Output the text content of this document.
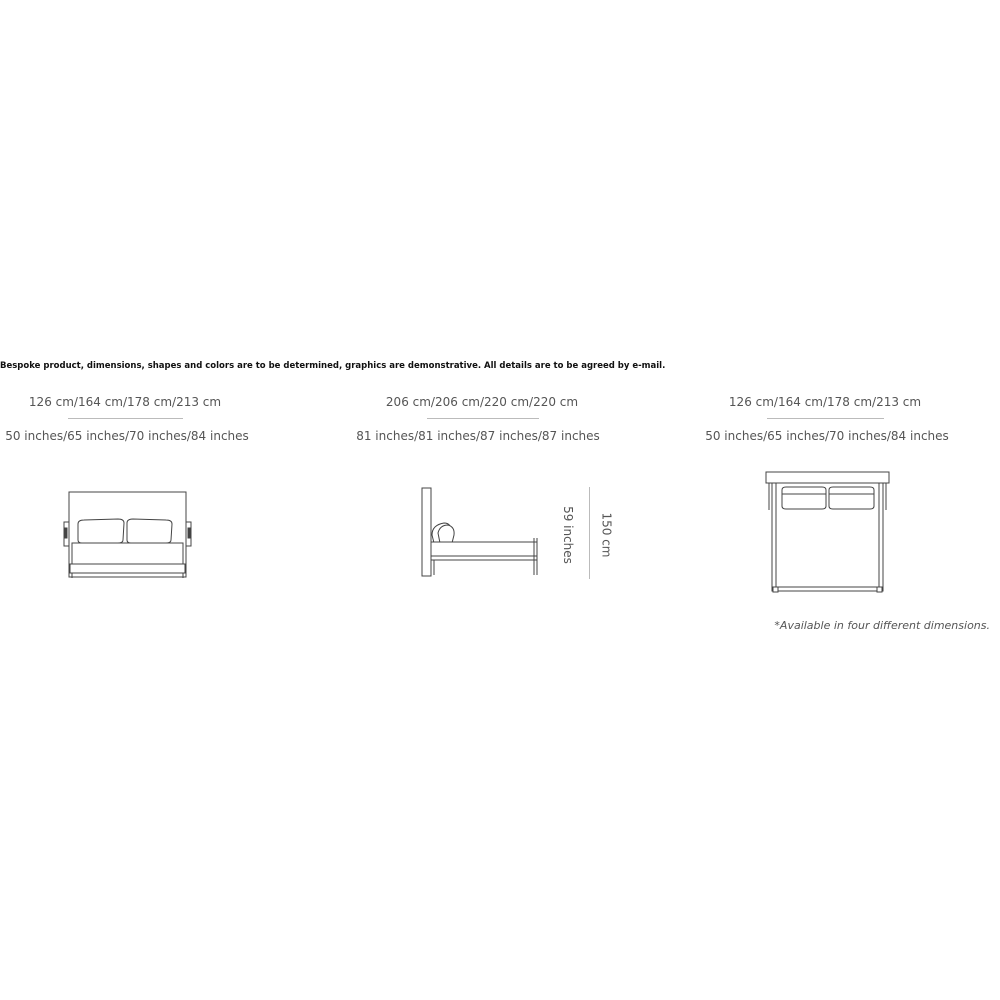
Bespoke product, dimensions, shapes and colors are to be determined, graphics are demonstrative. All details are to be agreed by e-mail.
126 cm/164 cm/178 cm/213 cm
50 inches/65 inches/70 inches/84 inches
206 cm/206 cm/220 cm/220 cm
81 inches/81 inches/87 inches/87 inches
59 inches 150 cm
126 cm/164 cm/178 cm/213 cm
50 inches/65 inches/70 inches/84 inches
*Available in four different dimensions.
